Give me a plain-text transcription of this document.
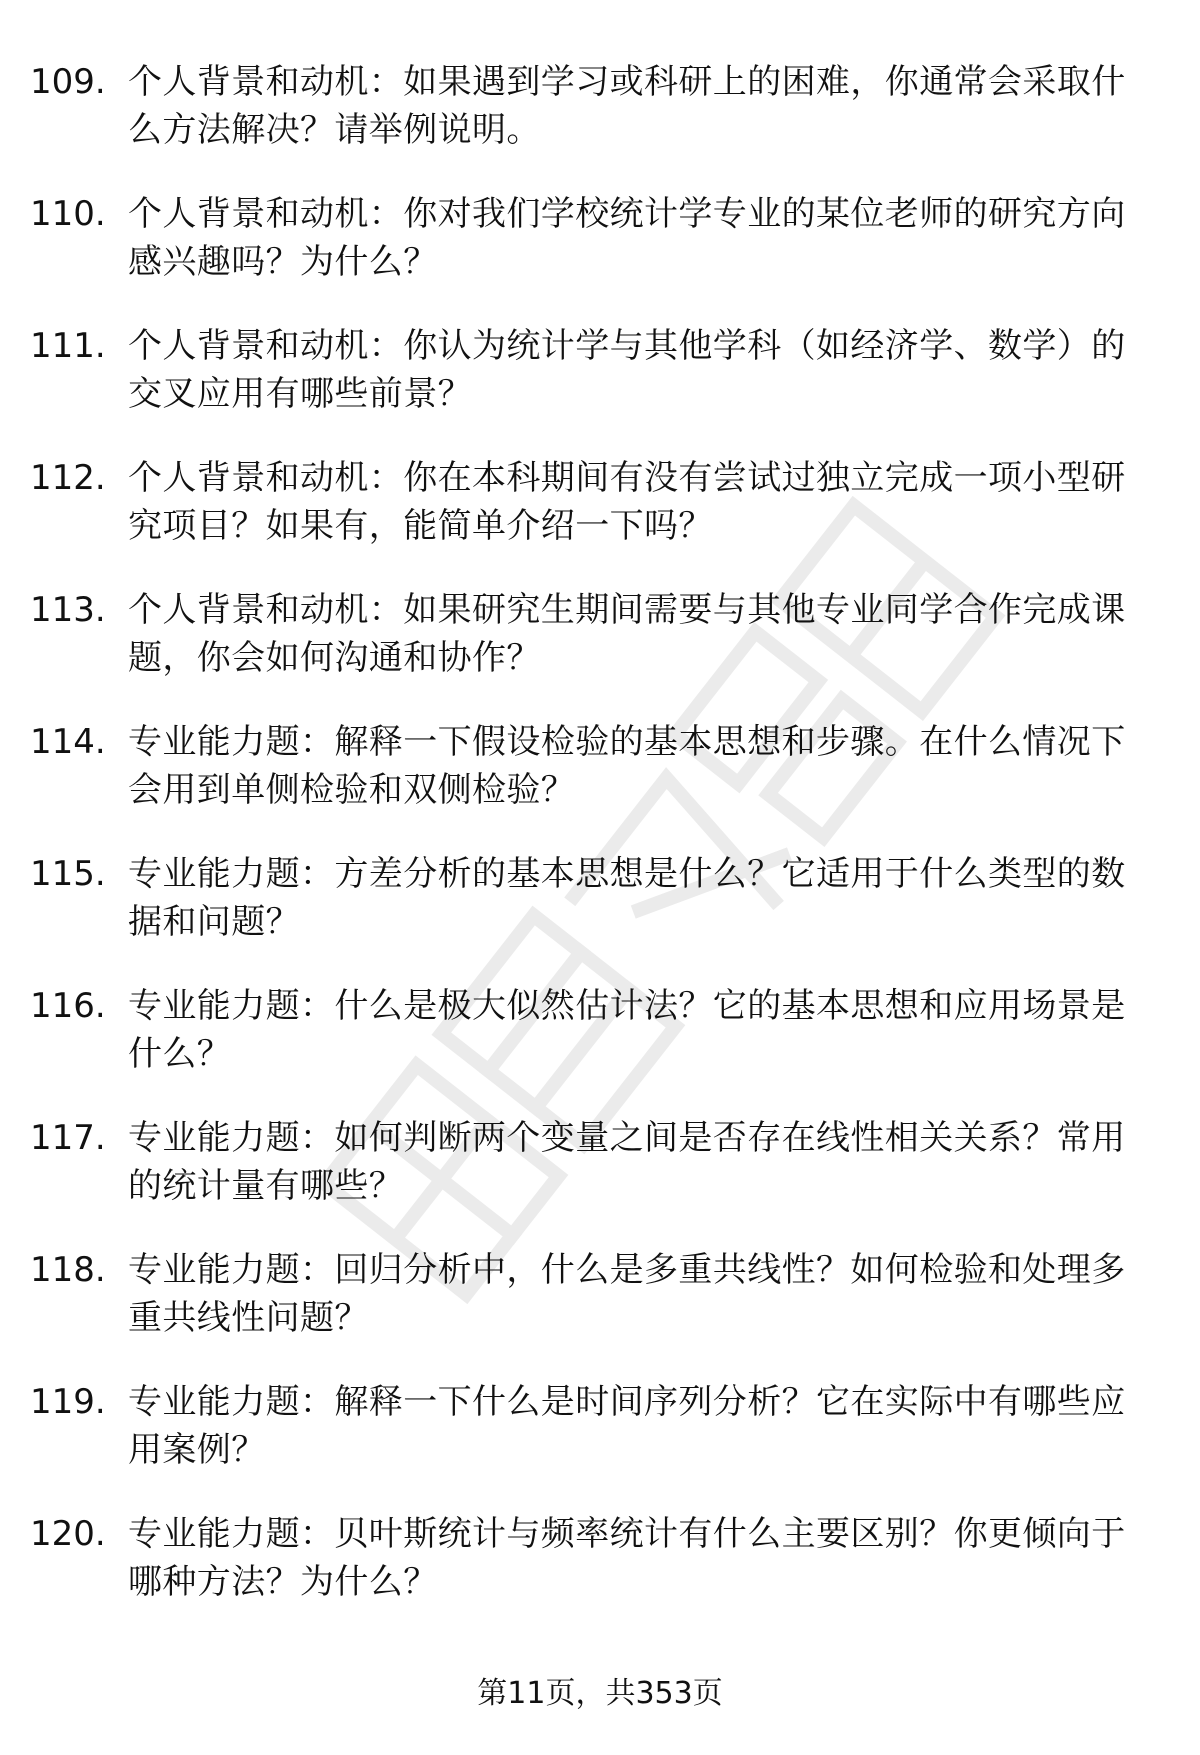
109. 个人背景和动机：如果遇到学习或科研上的困难，你通常会采取什么方法解决？请举例说明。
110. 个人背景和动机：你对我们学校统计学专业的某位老师的研究方向感兴趣吗？为什么？
111. 个人背景和动机：你认为统计学与其他学科（如经济学、数学）的交叉应用有哪些前景？
112. 个人背景和动机：你在本科期间有没有尝试过独立完成一项小型研究项目？如果有，能简单介绍一下吗？
113. 个人背景和动机：如果研究生期间需要与其他专业同学合作完成课题，你会如何沟通和协作？
114. 专业能力题：解释一下假设检验的基本思想和步骤。在什么情况下会用到单侧检验和双侧检验？
115. 专业能力题：方差分析的基本思想是什么？它适用于什么类型的数据和问题？
116. 专业能力题：什么是极大似然估计法？它的基本思想和应用场景是什么？
117. 专业能力题：如何判断两个变量之间是否存在线性相关关系？常用的统计量有哪些？
118. 专业能力题：回归分析中，什么是多重共线性？如何检验和处理多重共线性问题？
119. 专业能力题：解释一下什么是时间序列分析？它在实际中有哪些应用案例？
120. 专业能力题：贝叶斯统计与频率统计有什么主要区别？你更倾向于哪种方法？为什么？
第11页，共353页
